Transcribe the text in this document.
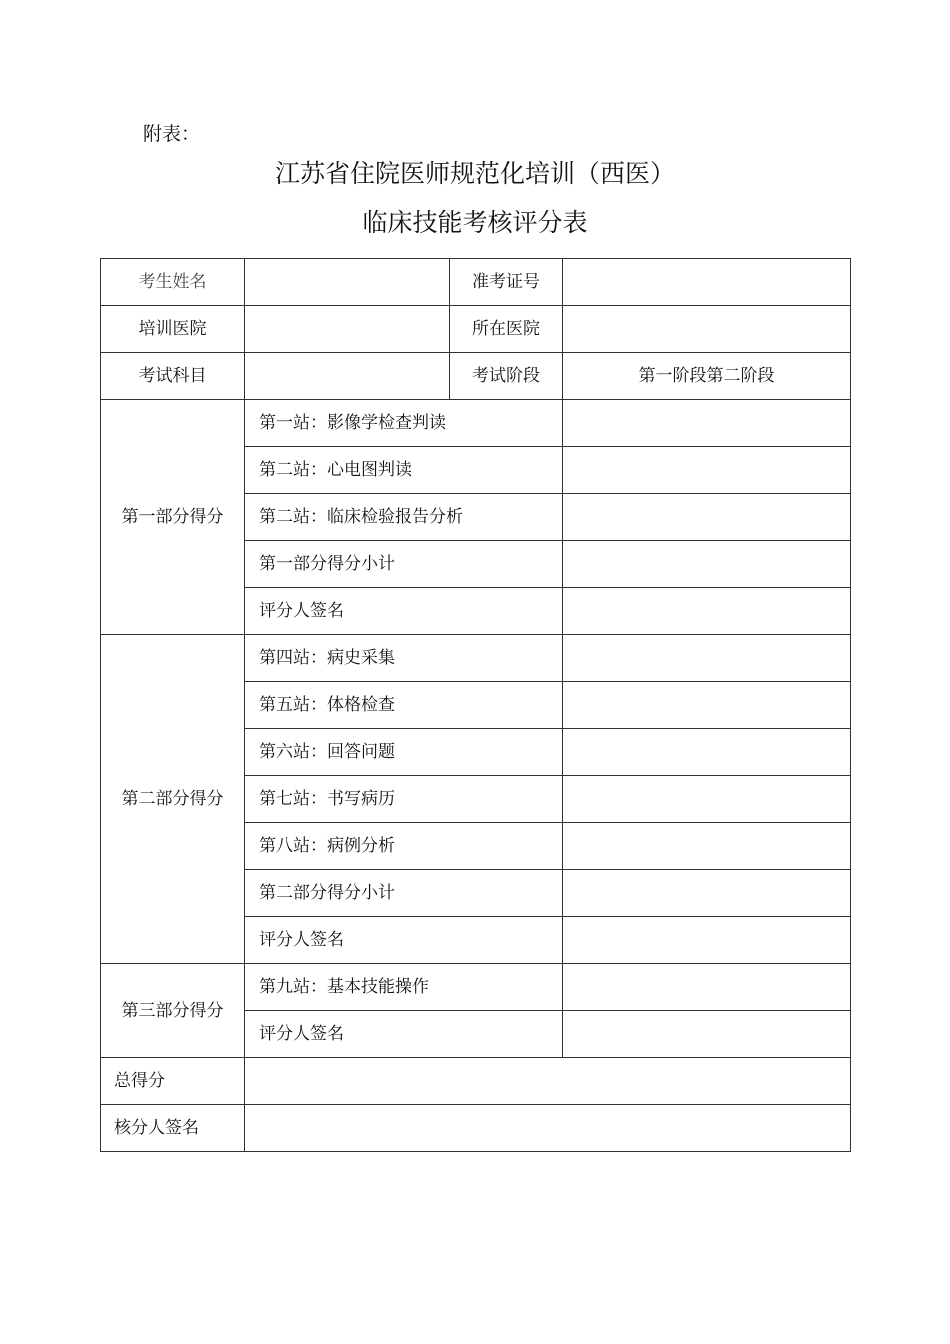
附表：
江苏省住院医师规范化培训（西医）
临床技能考核评分表
考生姓名		准考证号	
培训医院		所在医院	
考试科目		考试阶段	第一阶段第二阶段
第一部分得分	第一站：影像学检查判读		
	第二站：心电图判读		
	第二站：临床检验报告分析		
	第一部分得分小计		
	评分人签名		
第二部分得分	第四站：病史采集		
	第五站：体格检查		
	第六站：回答问题		
	第七站：书写病历		
	第八站：病例分析		
	第二部分得分小计		
	评分人签名		
第三部分得分	第九站：基本技能操作		
	评分人签名		
总得分			
核分人签名			
